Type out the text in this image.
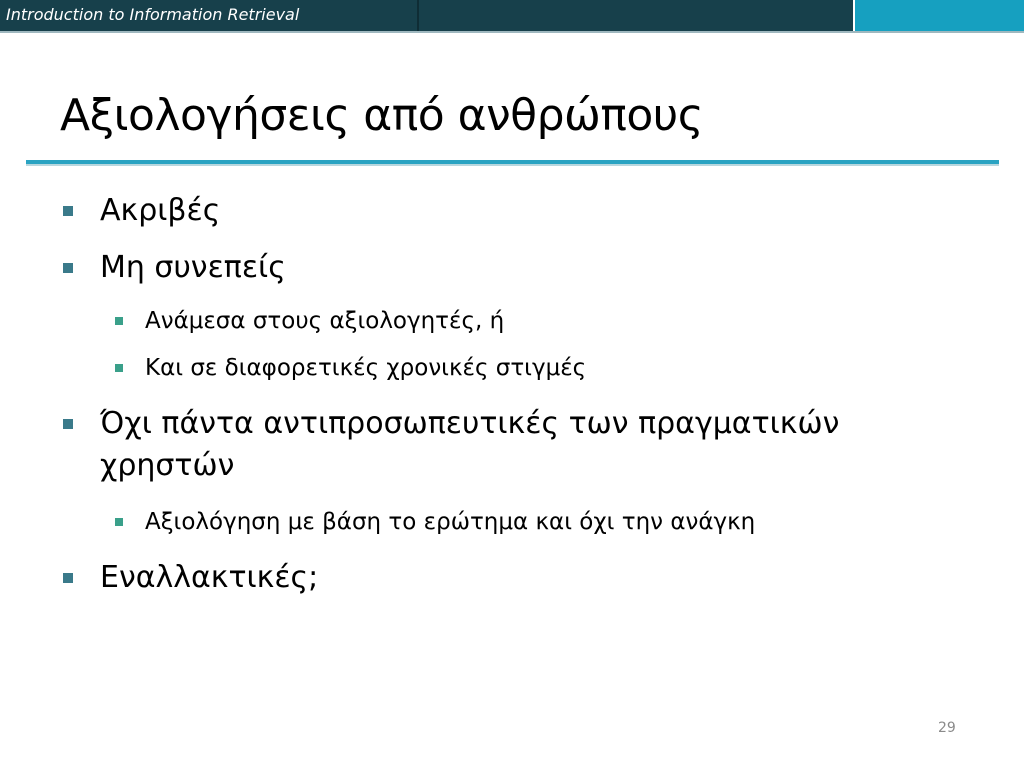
Introduction to Information Retrieval
Αξιολογήσεις από ανθρώπους
Ακριβές
Μη συνεπείς
Ανάμεσα στους αξιολογητές, ή
Και σε διαφορετικές χρονικές στιγμές
Όχι πάντα αντιπροσωπευτικές των πραγματικών
χρηστών
Αξιολόγηση με βάση το ερώτημα και όχι την ανάγκη
Εναλλακτικές;
29
